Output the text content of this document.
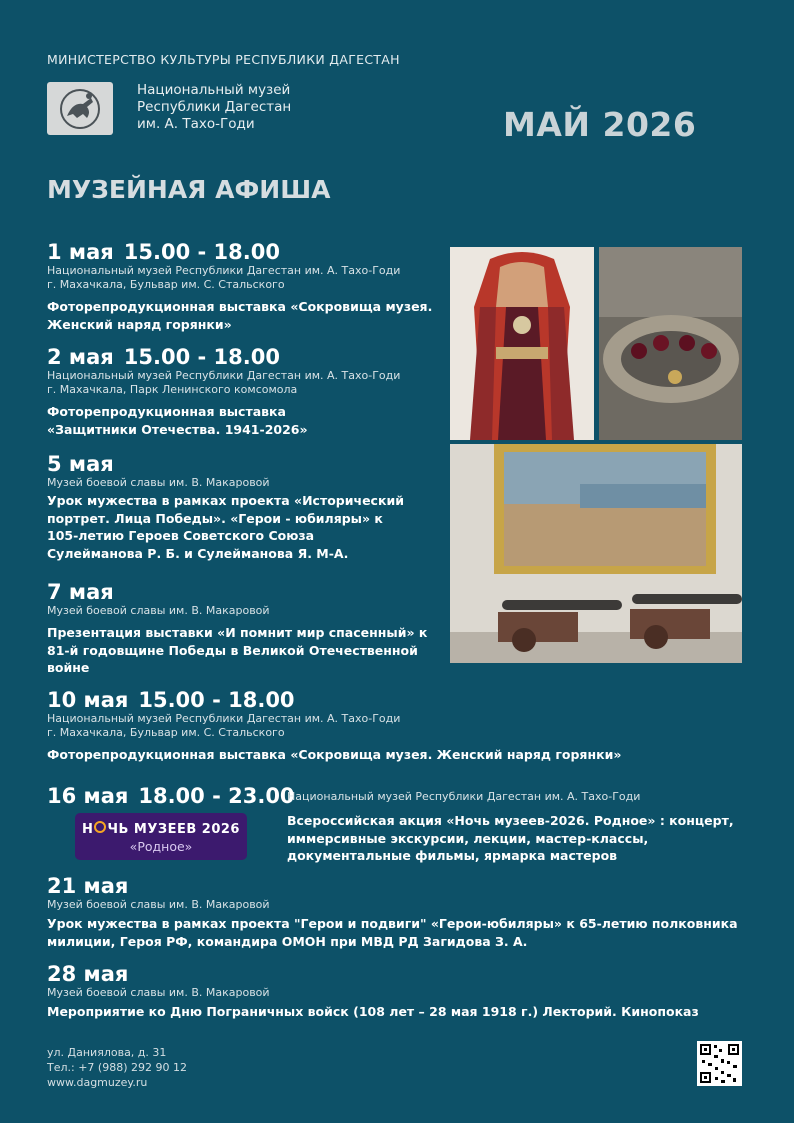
МИНИСТЕРСТВО КУЛЬТУРЫ РЕСПУБЛИКИ ДАГЕСТАН
Национальный музей
Республики Дагестан
им. А. Тахо-Годи	МАЙ 2026
МУЗЕЙНАЯ АФИША
1 мая 15.00 - 18.00
Национальный музей Республики Дагестан им. А. Тахо-Годи
г. Махачкала, Бульвар им. С. Стальского
Фоторепродукционная выставка «Сокровища музея.
Женский наряд горянки»
2 мая 15.00 - 18.00
Национальный музей Республики Дагестан им. А. Тахо-Годи
г. Махачкала, Парк Ленинского комсомола
Фоторепродукционная выставка
«Защитники Отечества. 1941-2026»
5 мая
Музей боевой славы им. В. Макаровой
Урок мужества в рамках проекта «Исторический
портрет. Лица Победы». «Герои - юбиляры» к
105-летию Героев Советского Союза
Сулейманова Р. Б. и Сулейманова Я. М-А.
7 мая
Музей боевой славы им. В. Макаровой
Презентация выставки «И помнит мир спасенный» к
81-й годовщине Победы в Великой Отечественной
войне
10 мая 15.00 - 18.00
Национальный музей Республики Дагестан им. А. Тахо-Годи
г. Махачкала, Бульвар им. С. Стальского
Фоторепродукционная выставка «Сокровища музея. Женский наряд горянки»
16 мая 18.00 - 23.00
Национальный музей Республики Дагестан им. А. Тахо-Годи
Всероссийская акция «Ночь музеев-2026. Родное» : концерт,
иммерсивные экскурсии, лекции, мастер-классы,
документальные фильмы, ярмарка мастеров
Н ЧЬ МУЗЕЕВ 2026
«Родное»
21 мая
Музей боевой славы им. В. Макаровой
Урок мужества в рамках проекта "Герои и подвиги" «Герои-юбиляры» к 65-летию полковника
милиции, Героя РФ, командира ОМОН при МВД РД Загидова З. А.
28 мая
Музей боевой славы им. В. Макаровой
Мероприятие ко Дню Пограничных войск (108 лет – 28 мая 1918 г.) Лекторий. Кинопоказ
ул. Даниялова, д. 31
Тел.: +7 (988) 292 90 12
www.dagmuzey.ru
